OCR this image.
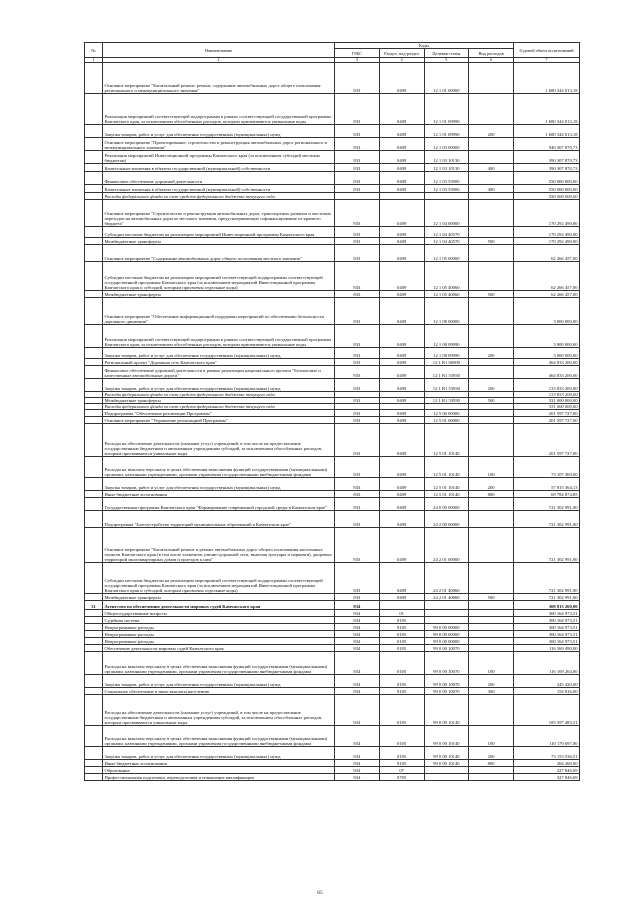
№	Наименование	Коды				Годовой объем ассигнований
		ГРБС	Раздел, под-раздел	Целевая статья	Вид расходов	
1	2	3	4	5	6	7
	Основное мероприятие "Капитальный ремонт, ремонт, содержание автомобильных дорог общего пользования регионального и межмуниципального значения"	833	0409	12 1 01 00000		1 680 344 013,18
	Реализация мероприятий соответствующей подпрограммы в рамках соответствующей государственной программы Камчатского края, за исключением обособленных расходов, которым присваиваются уникальные коды	833	0409	12 1 01 09990		1 680 344 013,18
	Закупка товаров, работ и услуг для обеспечения государственных (муниципальных) нужд	833	0409	12 1 01 09990	200	1 680 344 013,18
	Основное мероприятие "Проектирование, строительство и реконструкция автомобильных дорог регионального и межмуниципального значения"	833	0409	12 1 03 00000		940 307 870,73
	Реализация мероприятий Инвестиционной программы Камчатского края (за исключением субсидий местным бюджетам)	833	0409	12 1 03 10130		390 307 870,73
	Капитальные вложения в объекты государственной (муниципальной) собственности	833	0409	12 1 03 10130	400	390 307 870,73
	Финансовое обеспечение дорожной деятельности	833	0409	12 1 03 53900		550 000 000,00
	Капитальные вложения в объекты государственной (муниципальной) собственности	833	0409	12 1 03 53900	400	550 000 000,00
	Расходы федерального фонда за счет средств федерального бюджета текущего года					550 000 000,00
	Основное мероприятие "Строительство и реконструкция автомобильных дорог, транспортных развязок и мостовых переходов на автомобильных дорогах местного значения, предусматривающие софинансирование из краевого бюджета"	833	0409	12 1 04 00000		170 292 490,00
	Субсидии местным бюджетам на реализацию мероприятий Инвестиционной программы Камчатского края	833	0409	12 1 04 40570		170 292 490,00
	Межбюджетные трансферты	833	0409	12 1 04 40570	500	170 292 490,00
	Основное мероприятие "Содержание автомобильных дорог общего пользования местного значения"	833	0409	12 1 05 00000		62 266 457,00
	Субсидии местным бюджетам на реализацию мероприятий соответствующей подпрограммы соответствующей государственной программы Камчатского края (за исключением мероприятий Инвестиционной программы Камчатского края и субсидий, которым присвоены отдельные коды)	833	0409	12 1 05 40060		62 266 457,00
	Межбюджетные трансферты	833	0409	12 1 05 40060	500	62 266 457,00
	Основное мероприятие "Обеспечение информационной поддержки мероприятий по обеспечению безопасности дорожного движения"	833	0409	12 1 08 00000		3 000 000,00
	Реализация мероприятий соответствующей подпрограммы в рамках соответствующей государственной программы Камчатского края, за исключением обособленных расходов, которым присваиваются уникальные коды	833	0409	12 1 08 09990		3 000 000,00
	Закупка товаров, работ и услуг для обеспечения государственных (муниципальных) нужд	833	0409	12 1 08 09990	200	3 000 000,00
	Региональный проект "Дорожная сеть Камчатского края"	833	0409	12 1 R1 00000		464 833 200,00
	Финансовое обеспечение дорожной деятельности в рамках реализации национального проекта "Безопасные и качественные автомобильные дороги"	833	0409	12 1 R1 53930		464 833 200,00
	Закупка товаров, работ и услуг для обеспечения государственных (муниципальных) нужд	833	0409	12 1 R1 53930	200	133 833 200,00
	Расходы федерального фонда за счет средств федерального бюджета текущего года					133 833 200,00
	Межбюджетные трансферты	833	0409	12 1 R1 53930	500	331 000 000,00
	Расходы федерального фонда за счет средств федерального бюджета текущего года					331 000 000,00
	Подпрограмма "Обеспечение реализации Программы"	833	0409	12 5 00 00000		201 597 727,00
	Основное мероприятие "Управление реализацией Программы"	833	0409	12 5 01 00000		201 597 727,00
	Расходы на обеспечение деятельности (оказание услуг) учреждений, в том числе на предоставление государственным бюджетным и автономным учреждениям субсидий, за исключением обособленных расходов, которым присваиваются уникальные коды	833	0409	12 5 01 10140		201 597 727,00
	Расходы на выплаты персоналу в целях обеспечения выполнения функций государственными (муниципальными) органами, казенными учреждениями, органами управления государственными внебюджетными фондами	833	0409	12 5 01 10140	100	73 107 369,00
	Закупка товаров, работ и услуг для обеспечения государственных (муниципальных) нужд	833	0409	12 5 01 10140	200	57 815 364,13
	Иные бюджетные ассигнования	833	0409	12 5 01 10140	800	69 784 874,85
	Государственная программа Камчатского края "Формирование современной городской среды в Камчатском крае"	833	0409	24 0 00 00000		721 302 991,00
	Подпрограмма "Благоустройство территорий муниципальных образований в Камчатском крае"	833	0409	24 2 00 00000		721 302 991,00
	Основное мероприятие "Капитальный ремонт и ремонт автомобильных дорог общего пользования населенных пунктов Камчатского края (в том числе элементов улично-дорожной сети, включая тротуары и парковки), дворовых территорий многоквартирных домов и проездов к ним"	833	0409	24 2 01 00000		721 302 991,00
	Субсидии местным бюджетам на реализацию мероприятий соответствующей подпрограммы соответствующей государственной программы Камчатского края (за исключением мероприятий Инвестиционной программы Камчатского края и субсидий, которым присвоены отдельные коды)	833	0409	24 2 01 40060		721 302 991,00
	Межбюджетные трансферты	833	0409	24 2 01 40060	500	721 302 991,00
31	Агентство по обеспечению деятельности мировых судей Камчатского края	834				300 813 260,00
	Общегосударственные вопросы	834	01			300 164 973,51
	Судебная система	834	0105			300 164 973,51
	Непрограммные расходы	834	0105	99 0 00 00000		300 164 973,51
	Непрограммные расходы	834	0105	99 0 00 00000		300 164 973,51
	Непрограммные расходы	834	0105	99 0 00 00000		300 164 973,51
	Обеспечение деятельности мировых судей Камчатского края	834	0105	99 0 00 10070		116 569 490,00
	Расходы на выплаты персоналу в целях обеспечения выполнения функций государственными (муниципальными) органами, казенными учреждениями, органами управления государственными внебюджетными фондами	834	0105	99 0 00 10070	100	116 169 264,00
	Закупка товаров, работ и услуг для обеспечения государственных (муниципальных) нужд	834	0105	99 0 00 10070	200	245 420,00
	Социальное обеспечение и иные выплаты населению	834	0105	99 0 00 10070	300	154 816,00
	Расходы на обеспечение деятельности (оказание услуг) учреждений, в том числе на предоставление государственным бюджетным и автономным учреждениям субсидий, за исключением обособленных расходов, которым присваиваются уникальные коды	834	0105	99 0 00 10140		183 597 483,51
	Расходы на выплаты персоналу в целях обеспечения выполнения функций государственными (муниципальными) органами, казенными учреждениями, органами управления государственными внебюджетными фондами	834	0105	99 0 00 10140	100	110 179 697,00
	Закупка товаров, работ и услуг для обеспечения государственных (муниципальных) нужд	834	0105	99 0 00 10140	200	73 153 536,51
	Иные бюджетные ассигнования	834	0105	99 0 00 10140	800	264 260,00
	Образование	834	07			327 846,69
	Профессиональная подготовка, переподготовка и повышение квалификации	834	0705			327 846,69
65
